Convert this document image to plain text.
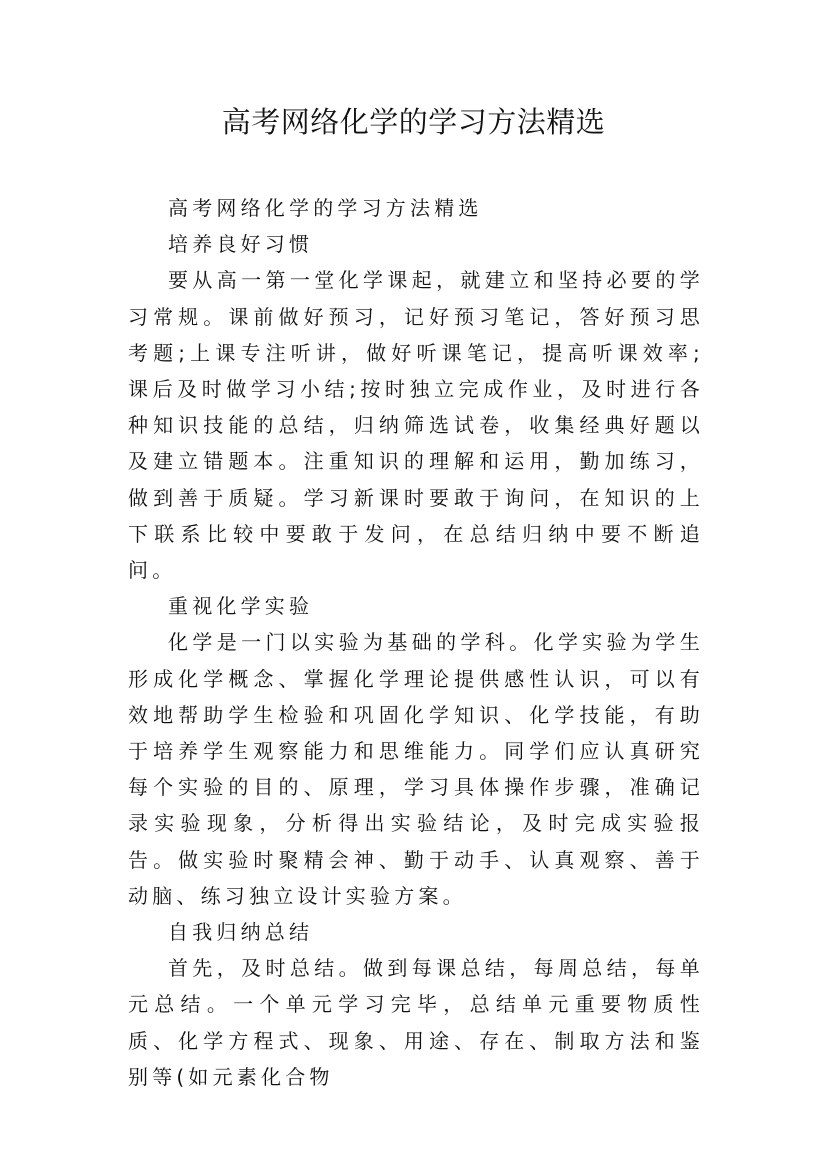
高考网络化学的学习方法精选

高考网络化学的学习方法精选

培养良好习惯

要从高一第一堂化学课起，就建立和坚持必要的学习常规。课前做好预习，记好预习笔记，答好预习思考题;上课专注听讲，做好听课笔记，提高听课效率;课后及时做学习小结;按时独立完成作业，及时进行各种知识技能的总结，归纳筛选试卷，收集经典好题以及建立错题本。注重知识的理解和运用，勤加练习，做到善于质疑。学习新课时要敢于询问，在知识的上下联系比较中要敢于发问，在总结归纳中要不断追问。

重视化学实验

化学是一门以实验为基础的学科。化学实验为学生形成化学概念、掌握化学理论提供感性认识，可以有效地帮助学生检验和巩固化学知识、化学技能，有助于培养学生观察能力和思维能力。同学们应认真研究每个实验的目的、原理，学习具体操作步骤，准确记录实验现象，分析得出实验结论，及时完成实验报告。做实验时聚精会神、勤于动手、认真观察、善于动脑、练习独立设计实验方案。

自我归纳总结

首先，及时总结。做到每课总结，每周总结，每单元总结。一个单元学习完毕，总结单元重要物质性质、化学方程式、现象、用途、存在、制取方法和鉴别等(如元素化合物
